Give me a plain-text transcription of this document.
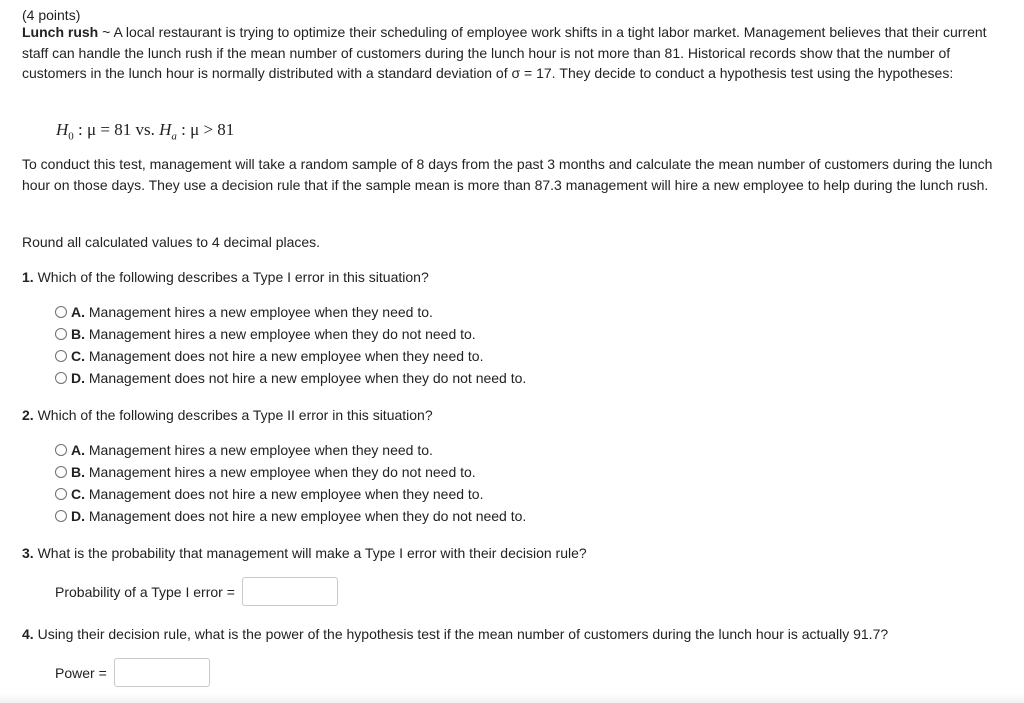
(4 points)
Lunch rush ~ A local restaurant is trying to optimize their scheduling of employee work shifts in a tight labor market. Management believes that their current staff can handle the lunch rush if the mean number of customers during the lunch hour is not more than 81. Historical records show that the number of customers in the lunch hour is normally distributed with a standard deviation of σ = 17. They decide to conduct a hypothesis test using the hypotheses:
$H_0$ : μ = 81 vs. $H_a$ : μ > 81
To conduct this test, management will take a random sample of 8 days from the past 3 months and calculate the mean number of customers during the lunch hour on those days. They use a decision rule that if the sample mean is more than 87.3 management will hire a new employee to help during the lunch rush.
Round all calculated values to 4 decimal places.
1. Which of the following describes a Type I error in this situation?
A.
Management hires a new employee when they need to.
B.
Management hires a new employee when they do not need to.
C.
Management does not hire a new employee when they need to.
D.
Management does not hire a new employee when they do not need to.
2. Which of the following describes a Type II error in this situation?
A.
Management hires a new employee when they need to.
B.
Management hires a new employee when they do not need to.
C.
Management does not hire a new employee when they need to.
D.
Management does not hire a new employee when they do not need to.
3. What is the probability that management will make a Type I error with their decision rule?
Probability of a Type I error =
4. Using their decision rule, what is the power of the hypothesis test if the mean number of customers during the lunch hour is actually 91.7?
Power =
